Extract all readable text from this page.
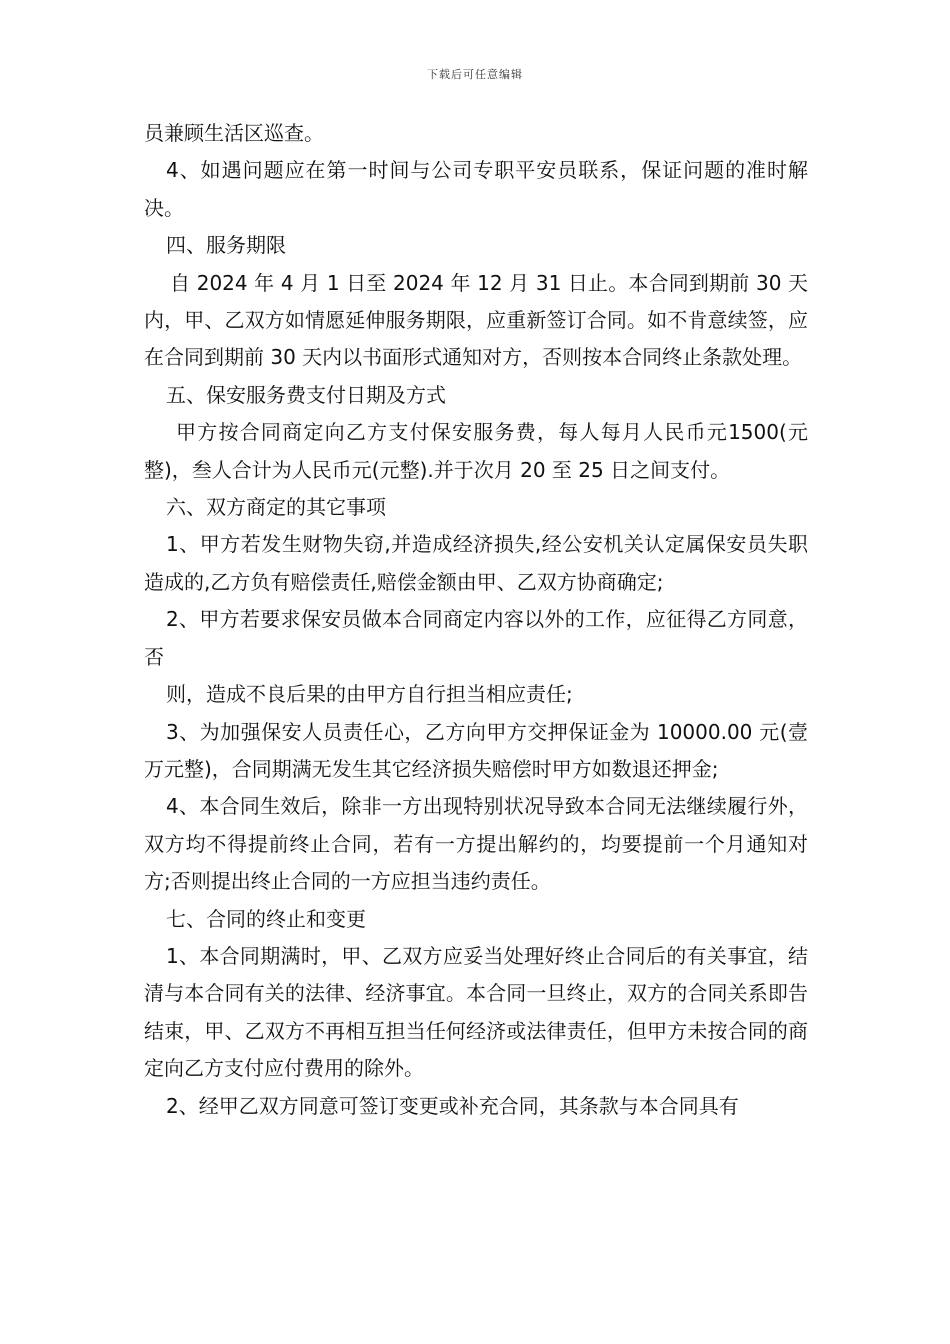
下载后可任意编辑

员兼顾生活区巡查。

4、如遇问题应在第一时间与公司专职平安员联系，保证问题的准时解决。

四、服务期限

自 2024 年 4 月 1 日至 2024 年 12 月 31 日止。本合同到期前 30 天内，甲、乙双方如情愿延伸服务期限，应重新签订合同。如不肯意续签，应在合同到期前 30 天内以书面形式通知对方，否则按本合同终止条款处理。

五、保安服务费支付日期及方式

甲方按合同商定向乙方支付保安服务费，每人每月人民币元1500(元整)，叁人合计为人民币元(元整).并于次月 20 至 25 日之间支付。

六、双方商定的其它事项

1、甲方若发生财物失窃,并造成经济损失,经公安机关认定属保安员失职造成的,乙方负有赔偿责任,赔偿金额由甲、乙双方协商确定;

2、甲方若要求保安员做本合同商定内容以外的工作，应征得乙方同意，否

则，造成不良后果的由甲方自行担当相应责任;

3、为加强保安人员责任心，乙方向甲方交押保证金为 10000.00 元(壹万元整)，合同期满无发生其它经济损失赔偿时甲方如数退还押金;

4、本合同生效后，除非一方出现特别状况导致本合同无法继续履行外，双方均不得提前终止合同，若有一方提出解约的，均要提前一个月通知对方;否则提出终止合同的一方应担当违约责任。

七、合同的终止和变更

1、本合同期满时，甲、乙双方应妥当处理好终止合同后的有关事宜，结清与本合同有关的法律、经济事宜。本合同一旦终止，双方的合同关系即告结束，甲、乙双方不再相互担当任何经济或法律责任，但甲方未按合同的商定向乙方支付应付费用的除外。

2、经甲乙双方同意可签订变更或补充合同，其条款与本合同具有
